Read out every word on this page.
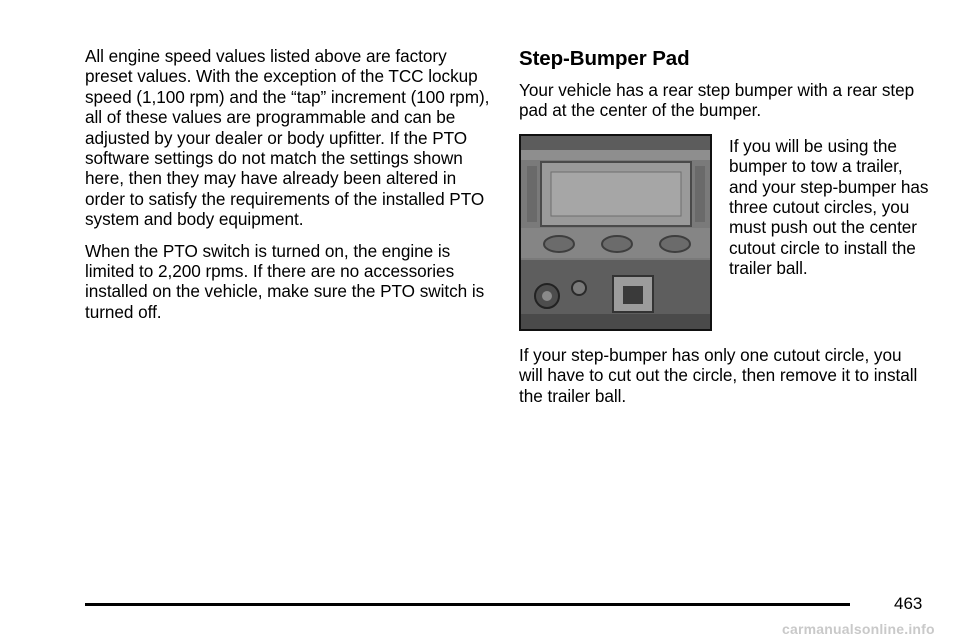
All engine speed values listed above are factory preset values. With the exception of the TCC lockup speed (1,100 rpm) and the “tap” increment (100 rpm), all of these values are programmable and can be adjusted by your dealer or body upfitter. If the PTO software settings do not match the settings shown here, then they may have already been altered in order to satisfy the requirements of the installed PTO system and body equipment.

When the PTO switch is turned on, the engine is limited to 2,200 rpms. If there are no accessories installed on the vehicle, make sure the PTO switch is turned off.

Step-Bumper Pad

Your vehicle has a rear step bumper with a rear step pad at the center of the bumper.

If you will be using the bumper to tow a trailer, and your step-bumper has three cutout circles, you must push out the center cutout circle to install the trailer ball.

If your step-bumper has only one cutout circle, you will have to cut out the circle, then remove it to install the trailer ball.

463
carmanualsonline.info
